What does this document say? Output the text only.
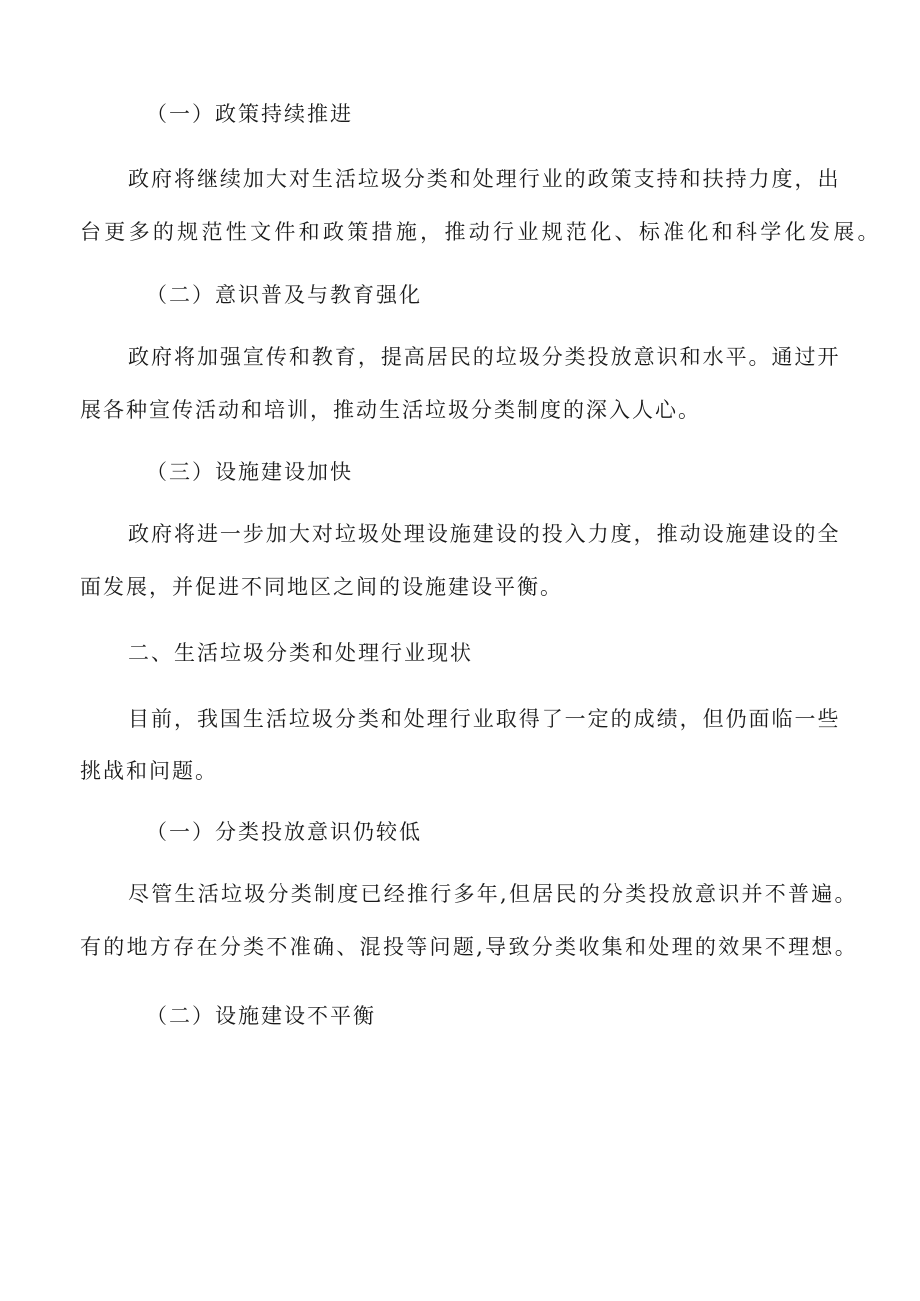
（一）政策持续推进
政府将继续加大对生活垃圾分类和处理行业的政策支持和扶持力度，出
台更多的规范性文件和政策措施，推动行业规范化、标准化和科学化发展。
（二）意识普及与教育强化
政府将加强宣传和教育，提高居民的垃圾分类投放意识和水平。通过开
展各种宣传活动和培训，推动生活垃圾分类制度的深入人心。
（三）设施建设加快
政府将进一步加大对垃圾处理设施建设的投入力度，推动设施建设的全
面发展，并促进不同地区之间的设施建设平衡。
二、生活垃圾分类和处理行业现状
目前，我国生活垃圾分类和处理行业取得了一定的成绩，但仍面临一些
挑战和问题。
（一）分类投放意识仍较低
尽管生活垃圾分类制度已经推行多年,但居民的分类投放意识并不普遍。
有的地方存在分类不准确、混投等问题,导致分类收集和处理的效果不理想。
（二）设施建设不平衡
